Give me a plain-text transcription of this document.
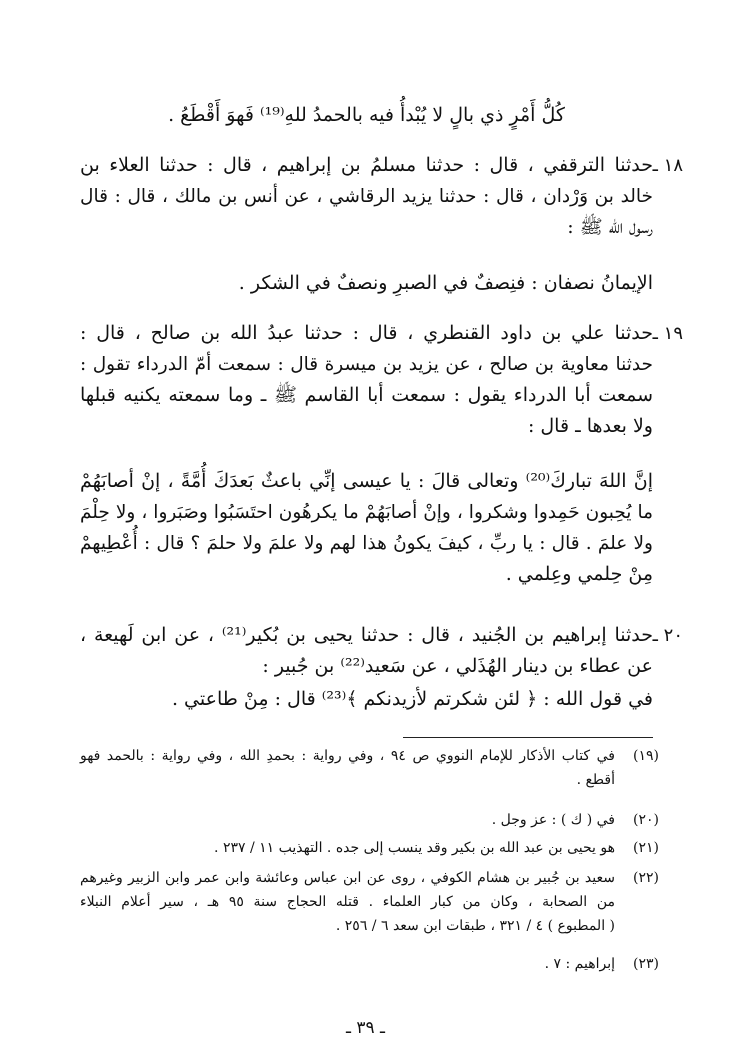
كُلُّ أَمْرٍ ذي بالٍ لا يُبْدأُ فيه بالحمدُ للهِ⁽¹⁹⁾ فَهوَ أَقْطَعُ .
١٨ ـ
حدثنا الترقفي ، قال : حدثنا مسلمُ بن إبراهيم ، قال : حدثنا العلاء بن
خالد بن وَرْدان ، قال : حدثنا يزيد الرقاشي ، عن أنس بن مالك ، قال : قال
رسول الله ﷺ :
الإيمانُ نصفان : فنِصفٌ في الصبرِ ونصفٌ في الشكر .
١٩ ـ
حدثنا علي بن داود القنطري ، قال : حدثنا عبدُ الله بن صالح ، قال :
حدثنا معاوية بن صالح ، عن يزيد بن ميسرة قال : سمعت أمّ الدرداء تقول :
سمعت أبا الدرداء يقول : سمعت أبا القاسم ﷺ ـ وما سمعته يكنيه قبلها
ولا بعدها ـ قال :
إنَّ اللهَ تباركَ⁽²⁰⁾ وتعالى قالَ : يا عيسى إنِّي باعثٌ بَعدَكَ أُمَّةً ، إنْ أصابَهُمْ
ما يُحِبون حَمِدوا وشكروا ، وإنْ أصابَهُمْ ما يكرهُون احتَسَبُوا وصَبَروا ، ولا حِلْمَ
ولا علمَ . قال : يا ربِّ ، كيفَ يكونُ هذا لهم ولا علمَ ولا حلمَ ؟ قال : أُعْطِيهمْ
مِنْ حِلمي وعِلمي .
٢٠ ـ
حدثنا إبراهيم بن الجُنيد ، قال : حدثنا يحيى بن بُكير⁽²¹⁾ ، عن ابن لَهيعة ،
عن عطاء بن دينار الهُذَلي ، عن سَعيد⁽²²⁾ بن جُبير :
في قول الله : ﴿ لئن شكرتم لأزيدنكم ﴾⁽²³⁾ قال : مِنْ طاعتي .
(١٩)
في كتاب الأذكار للإمام النووي ص ٩٤ ، وفي رواية : بحمدِ الله ، وفي رواية : بالحمد فهو
أقطع .
(٢٠)
في ( ك ) : عز وجل .
(٢١)
هو يحيى بن عبد الله بن بكير وقد ينسب إلى جده . التهذيب ١١ / ٢٣٧ .
(٢٢)
سعيد بن جُبير بن هشام الكوفي ، روى عن ابن عباس وعائشة وابن عمر وابن الزبير وغيرهم
من الصحابة ، وكان من كبار العلماء . قتله الحجاج سنة ٩٥ هـ ، سير أعلام النبلاء
( المطبوع ) ٤ / ٣٢١ ، طبقات ابن سعد ٦ / ٢٥٦ .
(٢٣)
إبراهيم : ٧ .
ـ ٣٩ ـ
